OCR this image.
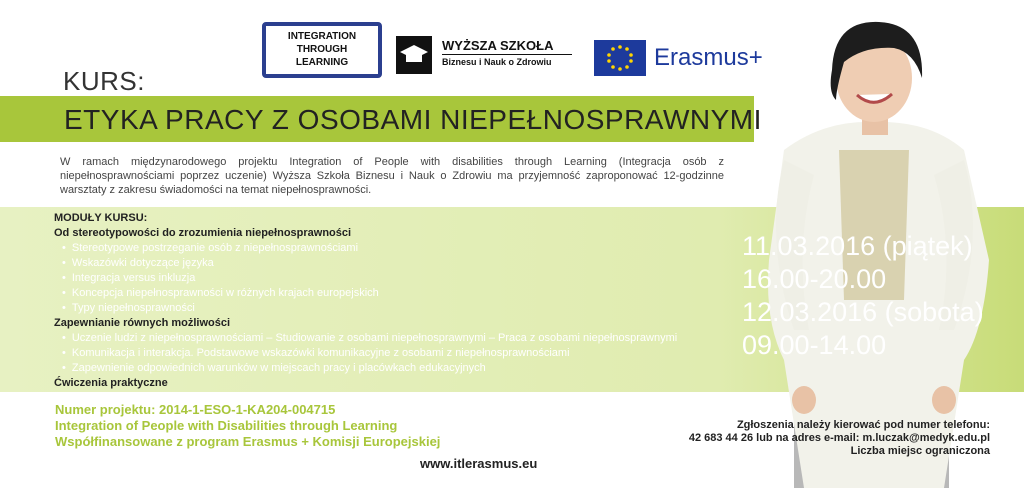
INTEGRATION
THROUGH
LEARNING
WYŻSZA SZKOŁA
Biznesu i Nauk o Zdrowiu	Erasmus+
KURS:
ETYKA PRACY Z OSOBAMI NIEPEŁNOSPRAWNYMI
W ramach międzynarodowego projektu Integration of People with disabilities through Learning (Integracja osób z niepełnosprawnościami poprzez uczenie) Wyższa Szkoła Biznesu i Nauk o Zdrowiu ma przyjemność zaproponować 12-godzinne warsztaty z zakresu świadomości na temat niepełnosprawności.
MODUŁY KURSU:
Od stereotypowości do zrozumienia niepełnosprawności
• Stereotypowe postrzeganie osób z niepełnosprawnościami
• Wskazówki dotyczące języka
• Integracja versus inkluzja
• Koncepcja niepełnosprawności w różnych krajach europejskich
• Typy niepełnosprawności
Zapewnianie równych możliwości
• Uczenie ludzi z niepełnosprawnościami – Studiowanie z osobami niepełnosprawnymi – Praca z osobami niepełnosprawnymi
• Komunikacja i interakcja. Podstawowe wskazówki komunikacyjne z osobami z niepełnosprawnościami
• Zapewnienie odpowiednich warunków w miejscach pracy i placówkach edukacyjnych
Ćwiczenia praktyczne
11.03.2016 (piątek)
16.00-20.00
12.03.2016 (sobota)
09.00-14.00
Numer projektu: 2014-1-ESO-1-KA204-004715
Integration of People with Disabilities through Learning
Współfinansowane z program Erasmus + Komisji Europejskiej
Zgłoszenia należy kierować pod numer telefonu:
42 683 44 26 lub na adres e-mail: m.luczak@medyk.edu.pl
Liczba miejsc ograniczona
www.itlerasmus.eu
